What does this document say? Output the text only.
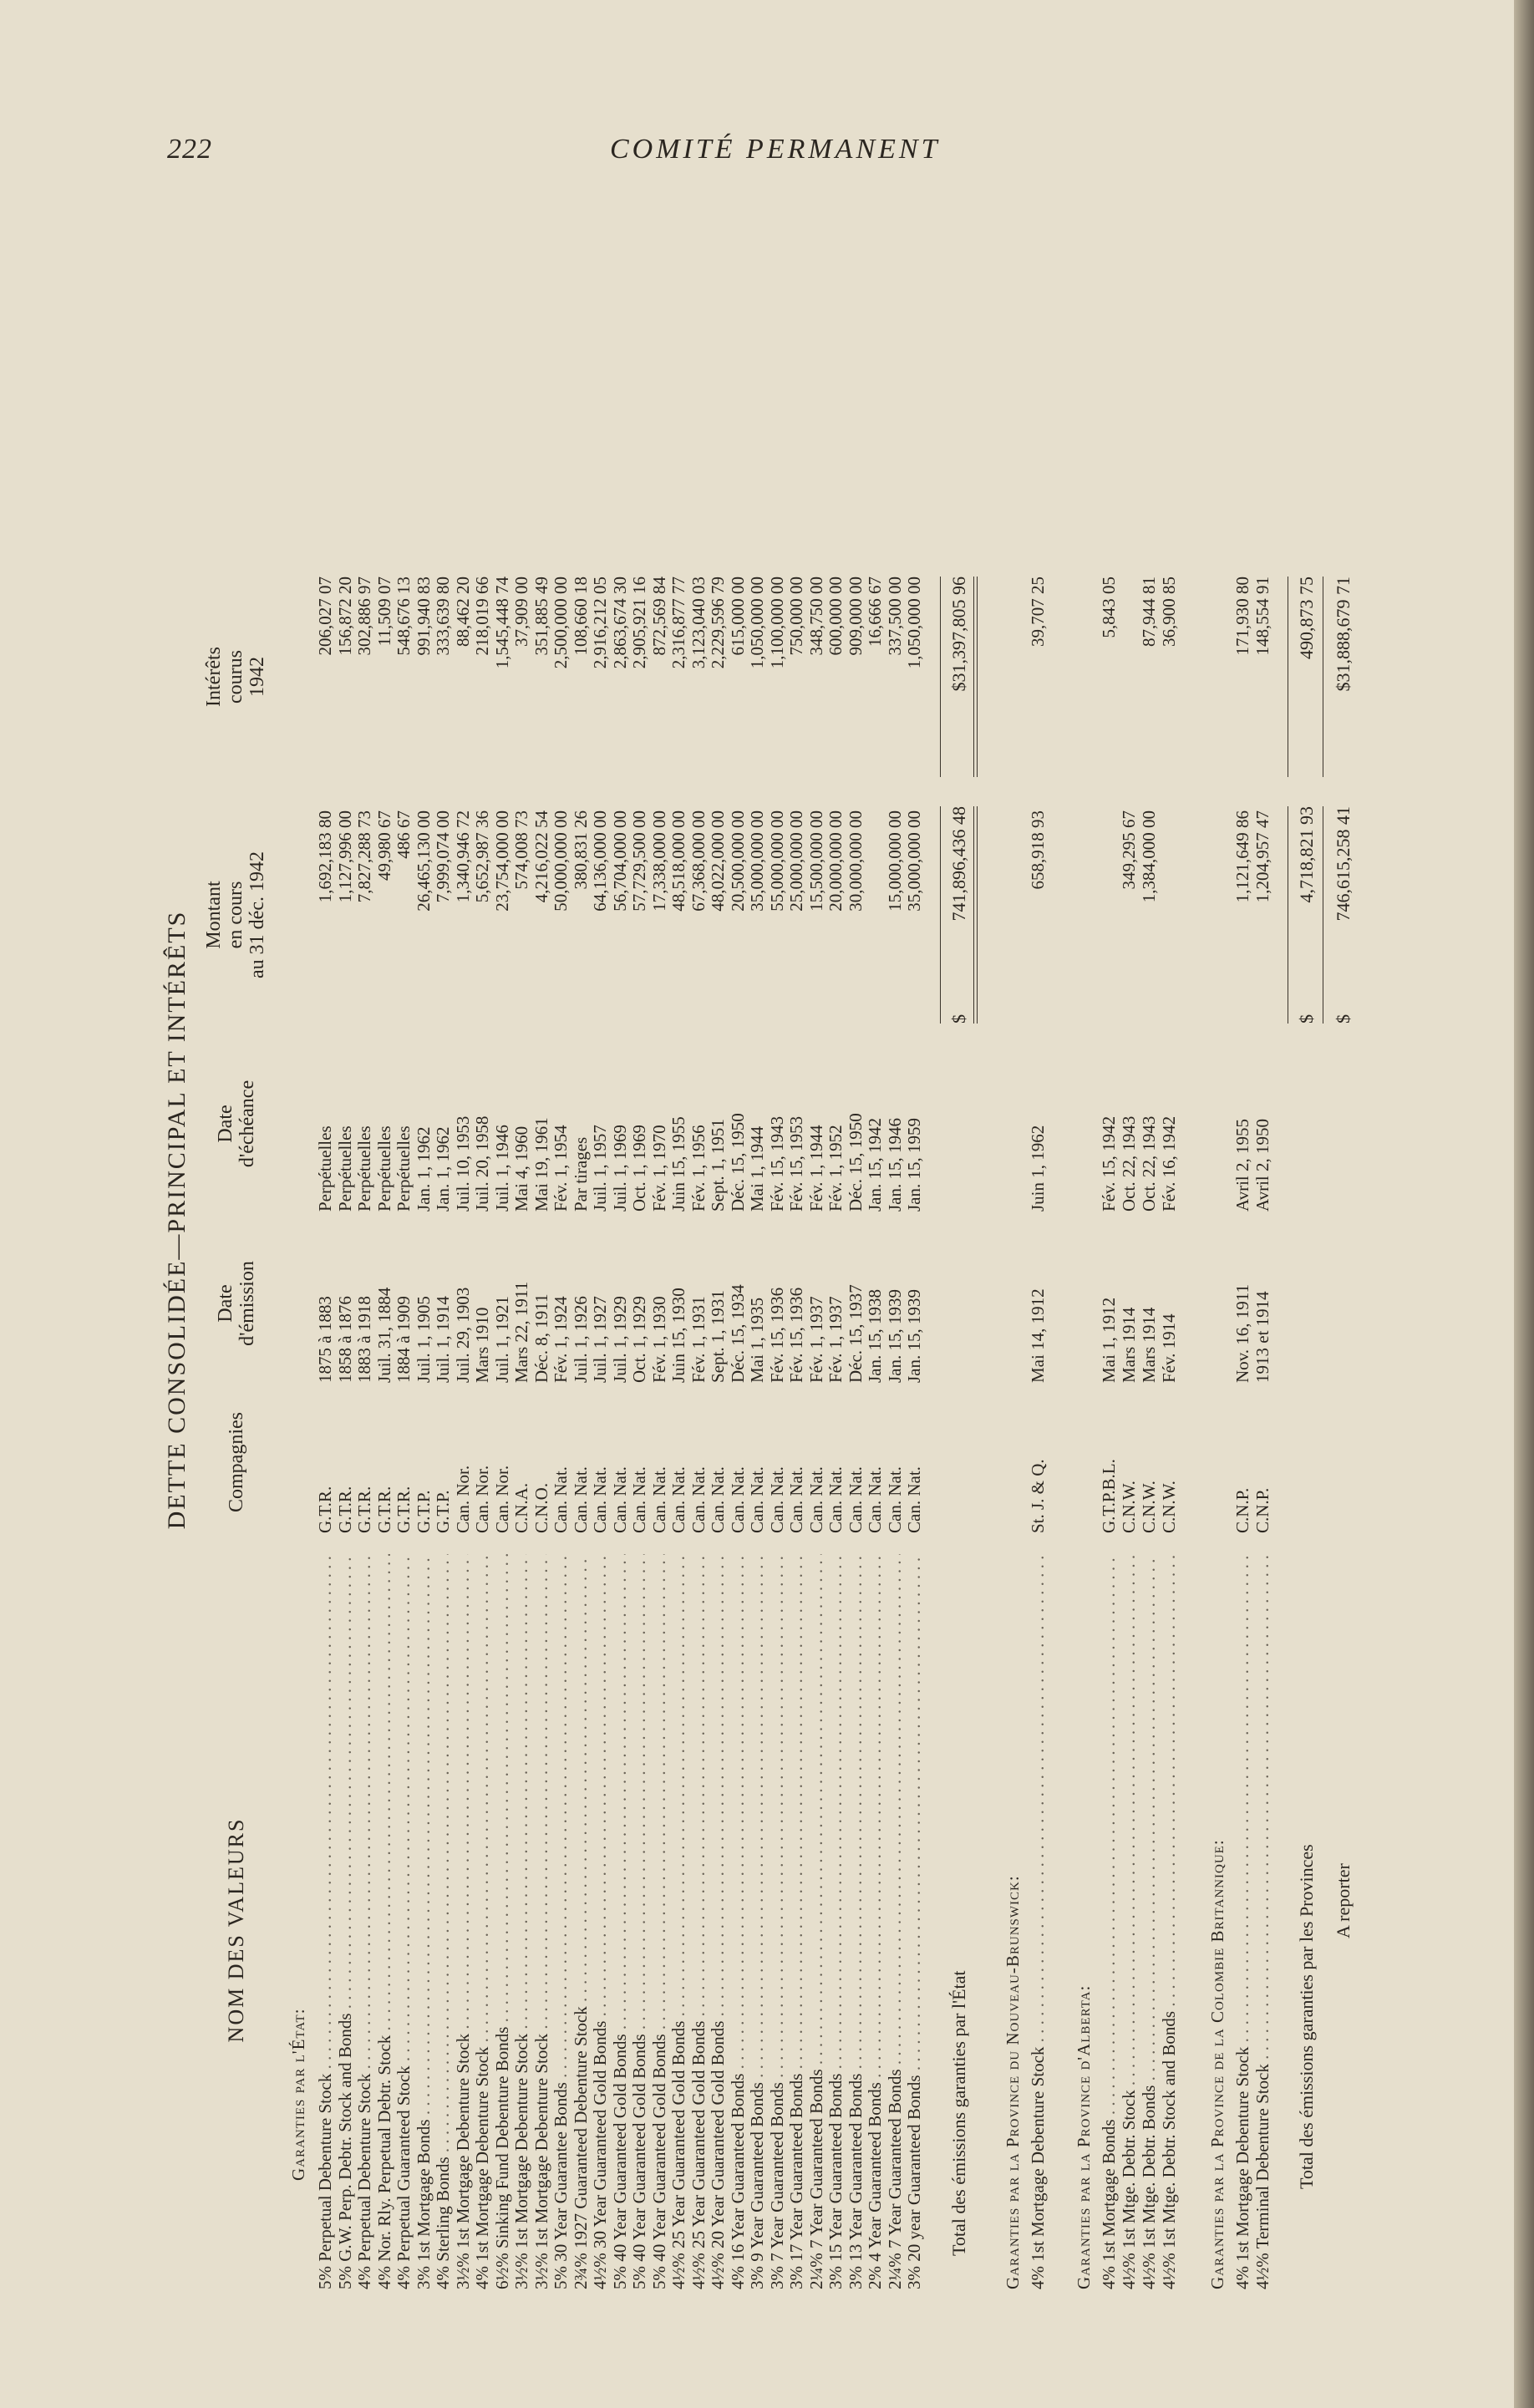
222	COMITÉ PERMANENT
DETTE CONSOLIDÉE—PRINCIPAL ET INTÉRÊTS
NOM DES VALEURS
Compagnies
Date
d'émission
Date
d'échéance
Montant
en cours
au 31 déc. 1942
Intérêts
courus
1942
Garanties par l'État: 5% Perpetual Debenture Stock . . .
G.T.R.
1875 à 1883
Perpétuelles
1,692,183 80
206,027 07
5% G.W. Perp. Debtr. Stock and Bonds . . .
G.T.R.
1858 à 1876
Perpétuelles
1,127,996 00
156,872 20
4% Perpetual Debenture Stock . . .
G.T.R.
1883 à 1918
Perpétuelles
7,827,288 73
302,886 97
4% Nor. Rly. Perpetual Debtr. Stock . . .
G.T.R.
Juil. 31, 1884
Perpétuelles
49,980 67
11,509 07
4% Perpetual Guaranteed Stock . . .
G.T.R.
1884 à 1909
Perpétuelles
486 67
548,676 13
3% 1st Mortgage Bonds . . .
G.T.P.
Juil. 1, 1905
Jan. 1, 1962
26,465,130 00
991,940 83
4% Sterling Bonds . . .
G.T.P.
Juil. 1, 1914
Jan. 1, 1962
7,999,074 00
333,639 80
3½% 1st Mortgage Debenture Stock . . .
Can. Nor.
Juil. 29, 1903
Juil. 10, 1953
1,340,946 72
88,462 20
4% 1st Mortgage Debenture Stock . . .
Can. Nor.
Mars 1910
Juil. 20, 1958
5,652,987 36
218,019 66
6½% Sinking Fund Debenture Bonds . . .
Can. Nor.
Juil. 1, 1921
Juil. 1, 1946
23,754,000 00
1,545,448 74
3½% 1st Mortgage Debenture Stock . . .
C.N.A.
Mars 22, 1911
Mai 4, 1960
574,008 73
37,909 00
3½% 1st Mortgage Debenture Stock . . .
C.N.O.
Déc. 8, 1911
Mai 19, 1961
4,216,022 54
351,885 49
5% 30 Year Guarantee Bonds . . .
Can. Nat.
Fév. 1, 1924
Fév. 1, 1954
50,000,000 00
2,500,000 00
2¾% 1927 Guaranteed Debenture Stock . . .
Can. Nat.
Juil. 1, 1926
Par tirages
380,831 26
108,660 18
4½% 30 Year Guaranteed Gold Bonds . . .
Can. Nat.
Juil. 1, 1927
Juil. 1, 1957
64,136,000 00
2,916,212 05
5% 40 Year Guaranteed Gold Bonds . . .
Can. Nat.
Juil. 1, 1929
Juil. 1, 1969
56,704,000 00
2,863,674 30
5% 40 Year Guaranteed Gold Bonds . . .
Can. Nat.
Oct. 1, 1929
Oct. 1, 1969
57,729,500 00
2,905,921 16
5% 40 Year Guaranteed Gold Bonds . . .
Can. Nat.
Fév. 1, 1930
Fév. 1, 1970
17,338,000 00
872,569 84
4½% 25 Year Guaranteed Gold Bonds . . .
Can. Nat.
Juin 15, 1930
Juin 15, 1955
48,518,000 00
2,316,877 77
4½% 25 Year Guaranteed Gold Bonds . . .
Can. Nat.
Fév. 1, 1931
Fév. 1, 1956
67,368,000 00
3,123,040 03
4½% 20 Year Guaranteed Gold Bonds . . .
Can. Nat.
Sept. 1, 1931
Sept. 1, 1951
48,022,000 00
2,229,596 79
4% 16 Year Guaranteed Bonds . . .
Can. Nat.
Déc. 15, 1934
Déc. 15, 1950
20,500,000 00
615,000 00
3% 9 Year Guaranteed Bonds . . .
Can. Nat.
Mai 1, 1935
Mai 1, 1944
35,000,000 00
1,050,000 00
3% 7 Year Guaranteed Bonds . . .
Can. Nat.
Fév. 15, 1936
Fév. 15, 1943
55,000,000 00
1,100,000 00
3% 17 Year Guaranteed Bonds . . .
Can. Nat.
Fév. 15, 1936
Fév. 15, 1953
25,000,000 00
750,000 00
2¼% 7 Year Guaranteed Bonds . . .
Can. Nat.
Fév. 1, 1937
Fév. 1, 1944
15,500,000 00
348,750 00
3% 15 Year Guaranteed Bonds . . .
Can. Nat.
Fév. 1, 1937
Fév. 1, 1952
20,000,000 00
600,000 00
3% 13 Year Guaranteed Bonds . . .
Can. Nat.
Déc. 15, 1937
Déc. 15, 1950
30,000,000 00
909,000 00
2% 4 Year Guaranteed Bonds . . .
Can. Nat.
Jan. 15, 1938
Jan. 15, 1942
16,666 67
2¼% 7 Year Guaranteed Bonds . . .
Can. Nat.
Jan. 15, 1939
Jan. 15, 1946
15,000,000 00
337,500 00
3% 20 year Guaranteed Bonds . . .
Can. Nat.
Jan. 15, 1939
Jan. 15, 1959
35,000,000 00
1,050,000 00
Total des émissions garanties par l'État
$
741,896,436 48
$31,397,805 96
Garanties par la Province du Nouveau-Brunswick: 4% 1st Mortgage Debenture Stock . . .
St. J. & Q.
Mai 14, 1912
Juin 1, 1962
658,918 93
39,707 25
Garanties par la Province d'Alberta: 4% 1st Mortgage Bonds . . .
G.T.P.B.L.
Mai 1, 1912
Fév. 15, 1942
5,843 05
4½% 1st Mtge. Debtr. Stock . . .
C.N.W.
Mars 1914
Oct. 22, 1943
349,295 67
4½% 1st Mtge. Debtr. Bonds . . .
C.N.W.
Mars 1914
Oct. 22, 1943
1,384,000 00
87,944 81
4½% 1st Mtge. Debtr. Stock and Bonds . . .
C.N.W.
Fév. 1914
Fév. 16, 1942
36,900 85
Garanties par la Province de la Colombie Britannique: 4% 1st Mortgage Debenture Stock . . .
C.N.P.
Nov. 16, 1911
Avril 2, 1955
1,121,649 86
171,930 80
4½% Terminal Debenture Stock . . .
C.N.P.
1913 et 1914
Avril 2, 1950
1,204,957 47
148,554 91
Total des émissions garanties par les Provinces
$
4,718,821 93
490,873 75
A reporter
$
746,615,258 41
$31,888,679 71
